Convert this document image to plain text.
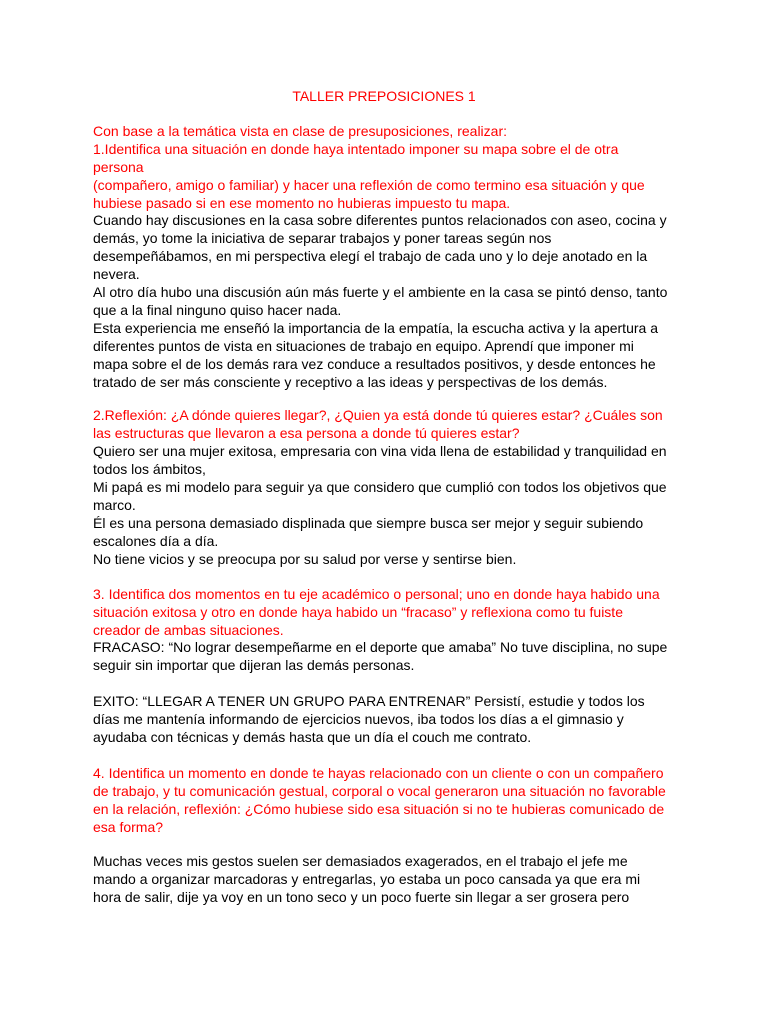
TALLER PREPOSICIONES 1
Con base a la temática vista en clase de presuposiciones, realizar:
1.Identifica una situación en donde haya intentado imponer su mapa sobre el de otra
persona
(compañero, amigo o familiar) y hacer una reflexión de como termino esa situación y que
hubiese pasado si en ese momento no hubieras impuesto tu mapa.
Cuando hay discusiones en la casa sobre diferentes puntos relacionados con aseo, cocina y
demás, yo tome la iniciativa de separar trabajos y poner tareas según nos
desempeñábamos, en mi perspectiva elegí el trabajo de cada uno y lo deje anotado en la
nevera.
Al otro día hubo una discusión aún más fuerte y el ambiente en la casa se pintó denso, tanto
que a la final ninguno quiso hacer nada.
Esta experiencia me enseñó la importancia de la empatía, la escucha activa y la apertura a
diferentes puntos de vista en situaciones de trabajo en equipo. Aprendí que imponer mi
mapa sobre el de los demás rara vez conduce a resultados positivos, y desde entonces he
tratado de ser más consciente y receptivo a las ideas y perspectivas de los demás.
2.Reflexión: ¿A dónde quieres llegar?, ¿Quien ya está donde tú quieres estar? ¿Cuáles son
las estructuras que llevaron a esa persona a donde tú quieres estar?
Quiero ser una mujer exitosa, empresaria con vina vida llena de estabilidad y tranquilidad en
todos los ámbitos,
Mi papá es mi modelo para seguir ya que considero que cumplió con todos los objetivos que
marco.
Él es una persona demasiado displinada que siempre busca ser mejor y seguir subiendo
escalones día a día.
No tiene vicios y se preocupa por su salud por verse y sentirse bien.
3. Identifica dos momentos en tu eje académico o personal; uno en donde haya habido una
situación exitosa y otro en donde haya habido un “fracaso” y reflexiona como tu fuiste
creador de ambas situaciones.
FRACASO: “No lograr desempeñarme en el deporte que amaba” No tuve disciplina, no supe
seguir sin importar que dijeran las demás personas.
EXITO: “LLEGAR A TENER UN GRUPO PARA ENTRENAR” Persistí, estudie y todos los
días me mantenía informando de ejercicios nuevos, iba todos los días a el gimnasio y
ayudaba con técnicas y demás hasta que un día el couch me contrato.
4. Identifica un momento en donde te hayas relacionado con un cliente o con un compañero
de trabajo, y tu comunicación gestual, corporal o vocal generaron una situación no favorable
en la relación, reflexión: ¿Cómo hubiese sido esa situación si no te hubieras comunicado de
esa forma?
Muchas veces mis gestos suelen ser demasiados exagerados, en el trabajo el jefe me
mando a organizar marcadoras y entregarlas, yo estaba un poco cansada ya que era mi
hora de salir, dije ya voy en un tono seco y un poco fuerte sin llegar a ser grosera pero
